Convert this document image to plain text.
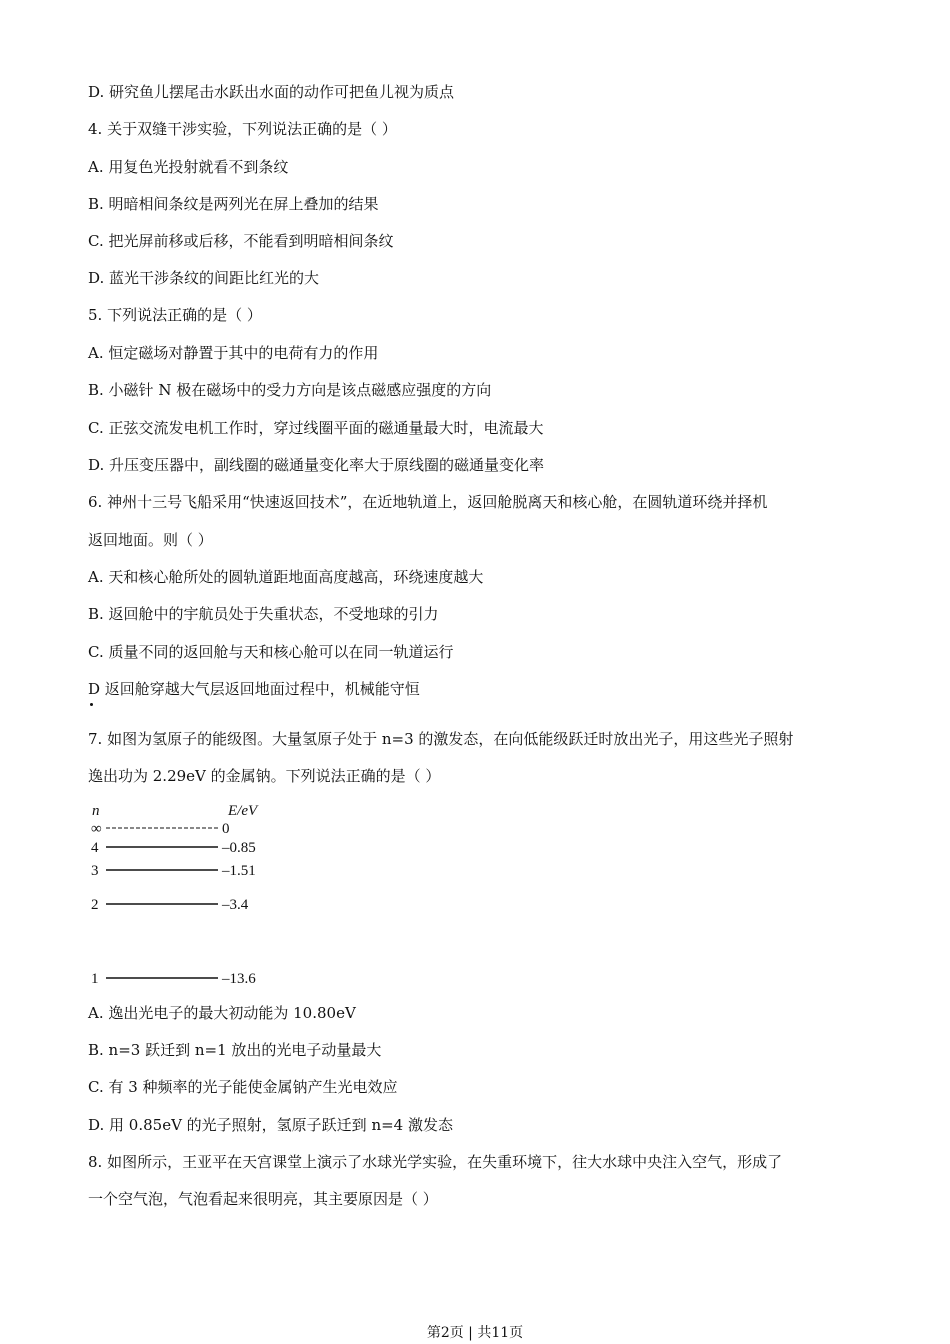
D. 研究鱼儿摆尾击水跃出水面的动作可把鱼儿视为质点
4. 关于双缝干涉实验，下列说法正确的是（ ）
A. 用复色光投射就看不到条纹
B. 明暗相间条纹是两列光在屏上叠加的结果
C. 把光屏前移或后移，不能看到明暗相间条纹
D. 蓝光干涉条纹的间距比红光的大
5. 下列说法正确的是（ ）
A. 恒定磁场对静置于其中的电荷有力的作用
B. 小磁针 N 极在磁场中的受力方向是该点磁感应强度的方向
C. 正弦交流发电机工作时，穿过线圈平面的磁通量最大时，电流最大
D. 升压变压器中，副线圈的磁通量变化率大于原线圈的磁通量变化率
6. 神州十三号飞船采用“快速返回技术”，在近地轨道上，返回舱脱离天和核心舱，在圆轨道环绕并择机
返回地面。则（ ）
A. 天和核心舱所处的圆轨道距地面高度越高，环绕速度越大
B. 返回舱中的宇航员处于失重状态，不受地球的引力
C. 质量不同的返回舱与天和核心舱可以在同一轨道运行
D 返回舱穿越大气层返回地面过程中，机械能守恒
7. 如图为氢原子的能级图。大量氢原子处于 n=3 的激发态，在向低能级跃迁时放出光子，用这些光子照射
逸出功为 2.29eV 的金属钠。下列说法正确的是（ ）
A. 逸出光电子的最大初动能为 10.80eV
B. n=3 跃迁到 n=1 放出的光电子动量最大
C. 有 3 种频率的光子能使金属钠产生光电效应
D. 用 0.85eV 的光子照射，氢原子跃迁到 n=4 激发态
8. 如图所示，王亚平在天宫课堂上演示了水球光学实验，在失重环境下，往大水球中央注入空气，形成了
一个空气泡，气泡看起来很明亮，其主要原因是（ ）
n	E/eV
∞	0
4	–0.85
3	–1.51
2	–3.4
1	–13.6
第2页 | 共11页
